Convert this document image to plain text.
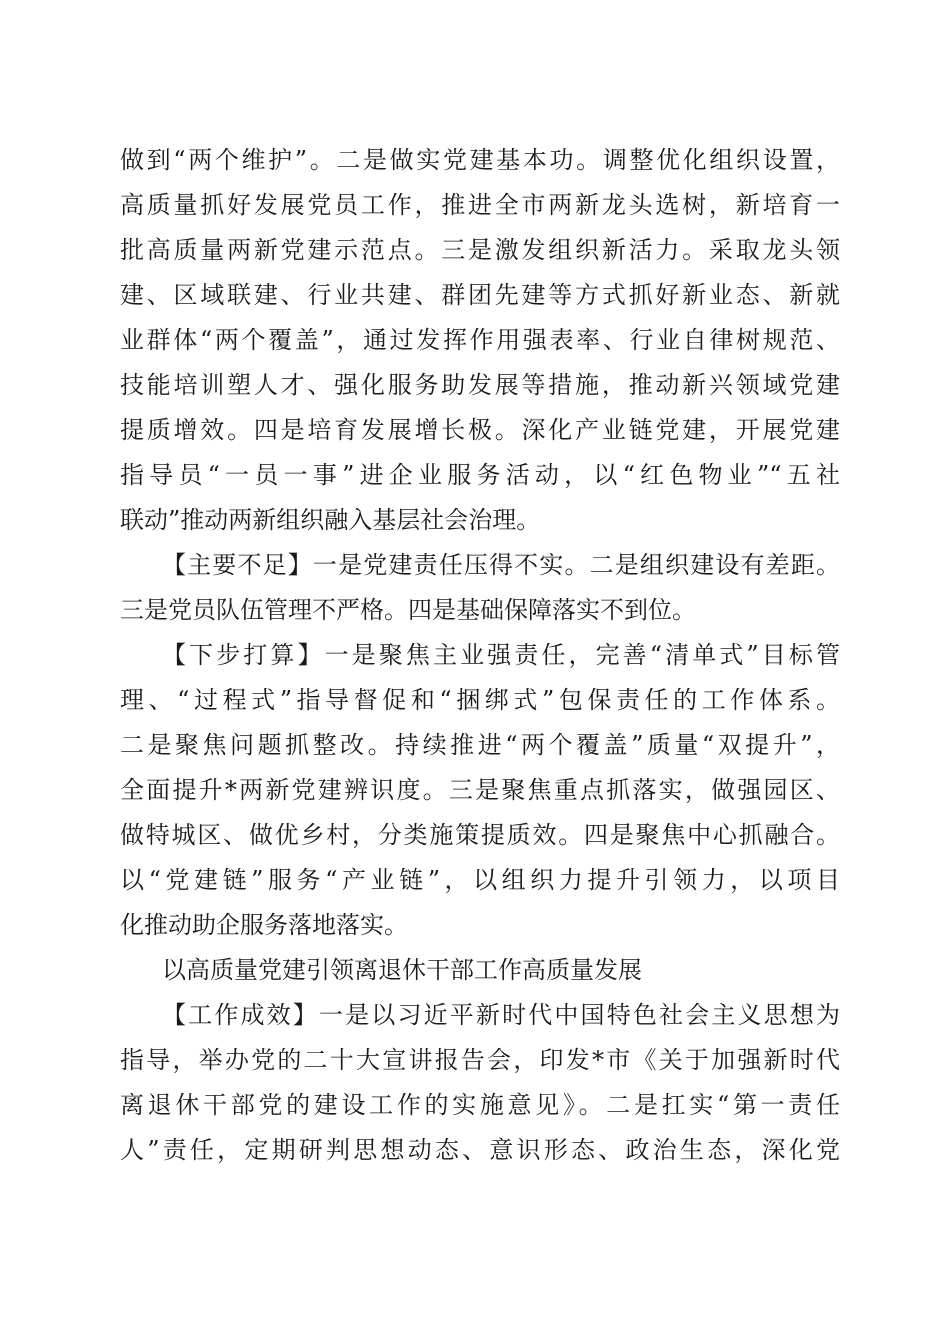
做到“两个维护”。二是做实党建基本功。调整优化组织设置，
高质量抓好发展党员工作，推进全市两新龙头选树，新培育一
批高质量两新党建示范点。三是激发组织新活力。采取龙头领
建、区域联建、行业共建、群团先建等方式抓好新业态、新就
业群体“两个覆盖”，通过发挥作用强表率、行业自律树规范、
技能培训塑人才、强化服务助发展等措施，推动新兴领域党建
提质增效。四是培育发展增长极。深化产业链党建，开展党建
指导员“一员一事”进企业服务活动，以“红色物业”“五社
联动”推动两新组织融入基层社会治理。
【主要不足】一是党建责任压得不实。二是组织建设有差距。
三是党员队伍管理不严格。四是基础保障落实不到位。
【下步打算】一是聚焦主业强责任，完善“清单式”目标管
理、“过程式”指导督促和“捆绑式”包保责任的工作体系。
二是聚焦问题抓整改。持续推进“两个覆盖”质量“双提升”，
全面提升*两新党建辨识度。三是聚焦重点抓落实，做强园区、
做特城区、做优乡村，分类施策提质效。四是聚焦中心抓融合。
以“党建链”服务“产业链”，以组织力提升引领力，以项目
化推动助企服务落地落实。
以高质量党建引领离退休干部工作高质量发展
【工作成效】一是以习近平新时代中国特色社会主义思想为
指导，举办党的二十大宣讲报告会，印发*市《关于加强新时代
离退休干部党的建设工作的实施意见》。二是扛实“第一责任
人”责任，定期研判思想动态、意识形态、政治生态，深化党
